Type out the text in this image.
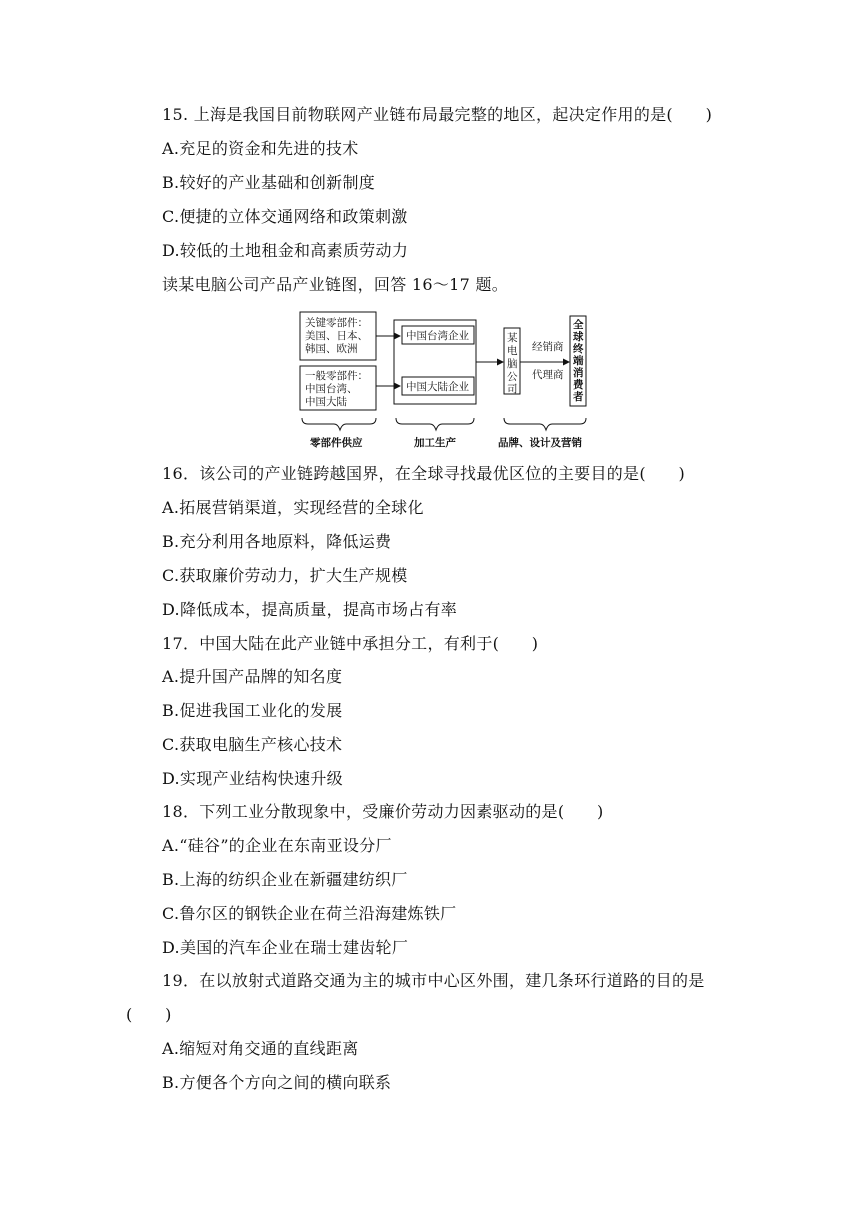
15. 上海是我国目前物联网产业链布局最完整的地区，起决定作用的是(　　)
A.充足的资金和先进的技术
B.较好的产业基础和创新制度
C.便捷的立体交通网络和政策刺激
D.较低的土地租金和高素质劳动力
读某电脑公司产品产业链图，回答 16～17 题。
关键零部件：
美国、日本、
韩国、欧洲
一般零部件：
中国台湾、
中国大陆
中国台湾企业
中国大陆企业
某
电
脑
公
司
经销商
代理商
全
球
终
端
消
费
者
零部件供应	加工生产	品牌、设计及营销
16．该公司的产业链跨越国界，在全球寻找最优区位的主要目的是(　　)
A.拓展营销渠道，实现经营的全球化
B.充分利用各地原料，降低运费
C.获取廉价劳动力，扩大生产规模
D.降低成本，提高质量，提高市场占有率
17．中国大陆在此产业链中承担分工，有利于(　　)
A.提升国产品牌的知名度
B.促进我国工业化的发展
C.获取电脑生产核心技术
D.实现产业结构快速升级
18．下列工业分散现象中，受廉价劳动力因素驱动的是(　　)
A.“硅谷”的企业在东南亚设分厂
B.上海的纺织企业在新疆建纺织厂
C.鲁尔区的钢铁企业在荷兰沿海建炼铁厂
D.美国的汽车企业在瑞士建齿轮厂
19．在以放射式道路交通为主的城市中心区外围，建几条环行道路的目的是
(　　)
A.缩短对角交通的直线距离
B.方便各个方向之间的横向联系
